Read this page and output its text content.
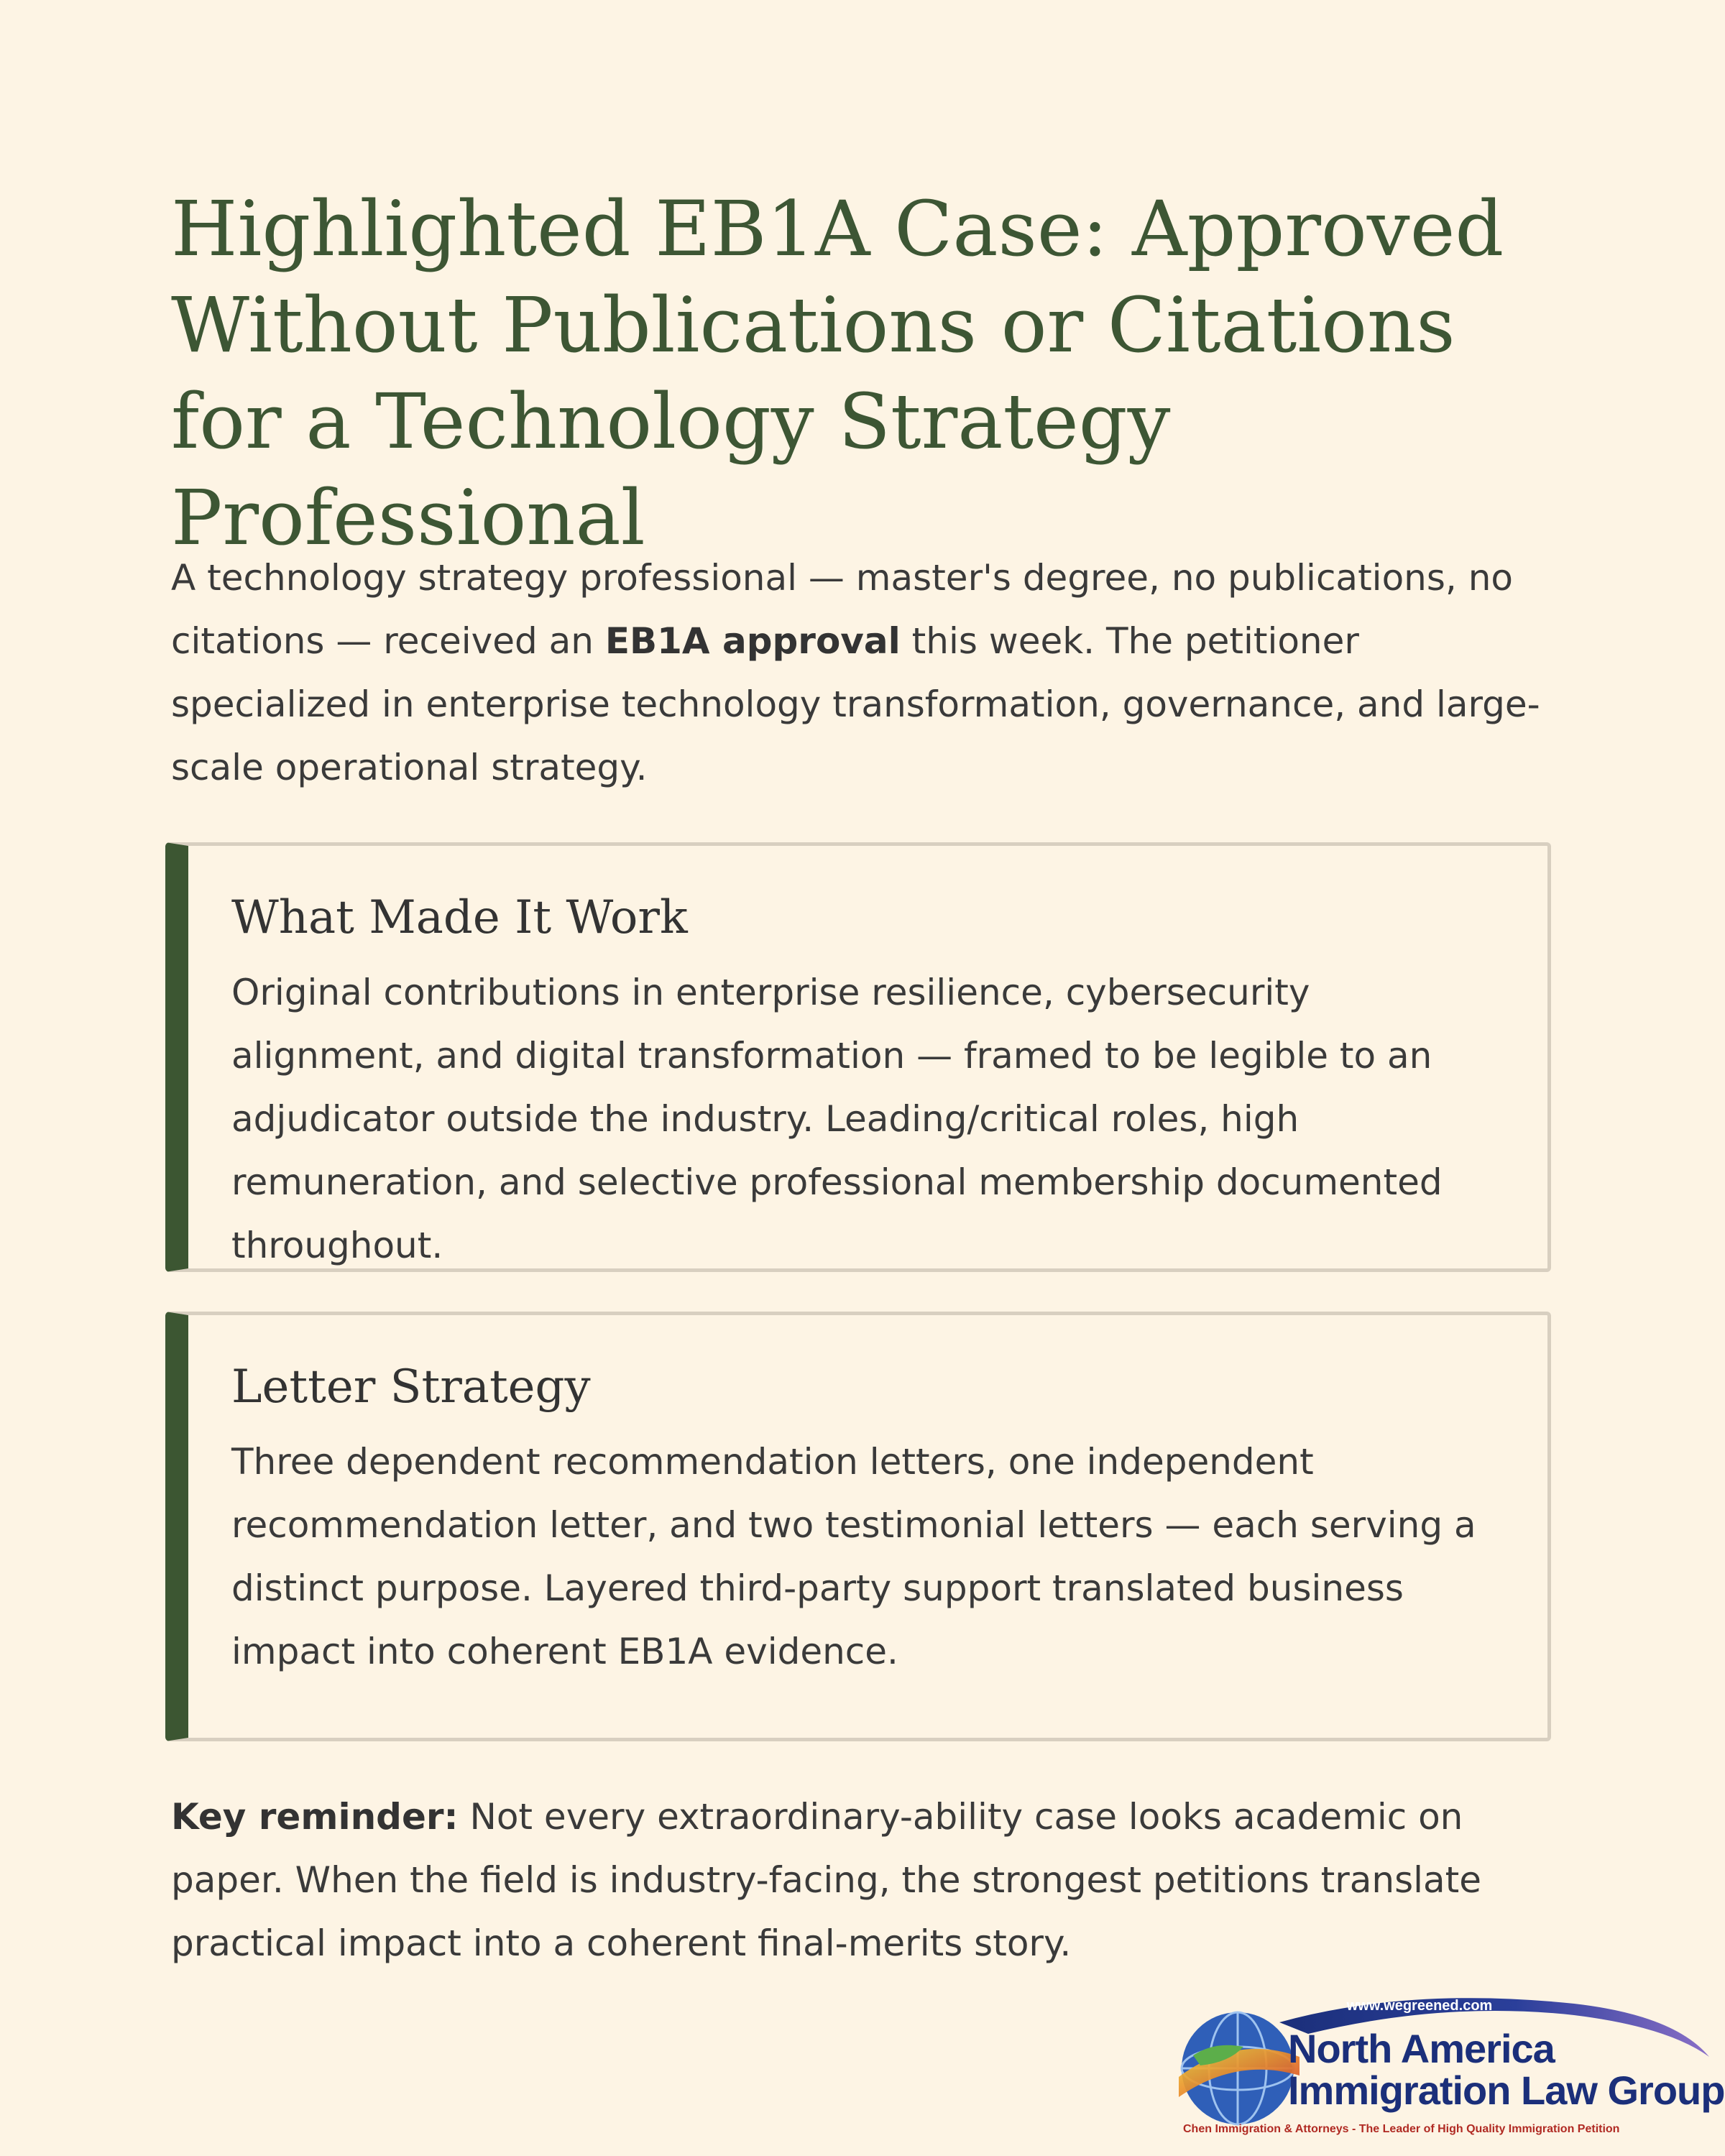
Highlighted EB1A Case: Approved Without Publications or Citations for a Technology Strategy Professional

A technology strategy professional — master's degree, no publications, no citations — received an EB1A approval this week. The petitioner specialized in enterprise technology transformation, governance, and large-scale operational strategy.

What Made It Work

Original contributions in enterprise resilience, cybersecurity alignment, and digital transformation — framed to be legible to an adjudicator outside the industry. Leading/critical roles, high remuneration, and selective professional membership documented throughout.

Letter Strategy

Three dependent recommendation letters, one independent recommendation letter, and two testimonial letters — each serving a distinct purpose. Layered third-party support translated business impact into coherent EB1A evidence.

Key reminder: Not every extraordinary-ability case looks academic on paper. When the field is industry-facing, the strongest petitions translate practical impact into a coherent final-merits story.

www.wegreened.com
North America
Immigration Law Group
Chen Immigration & Attorneys - The Leader of High Quality Immigration Petition
